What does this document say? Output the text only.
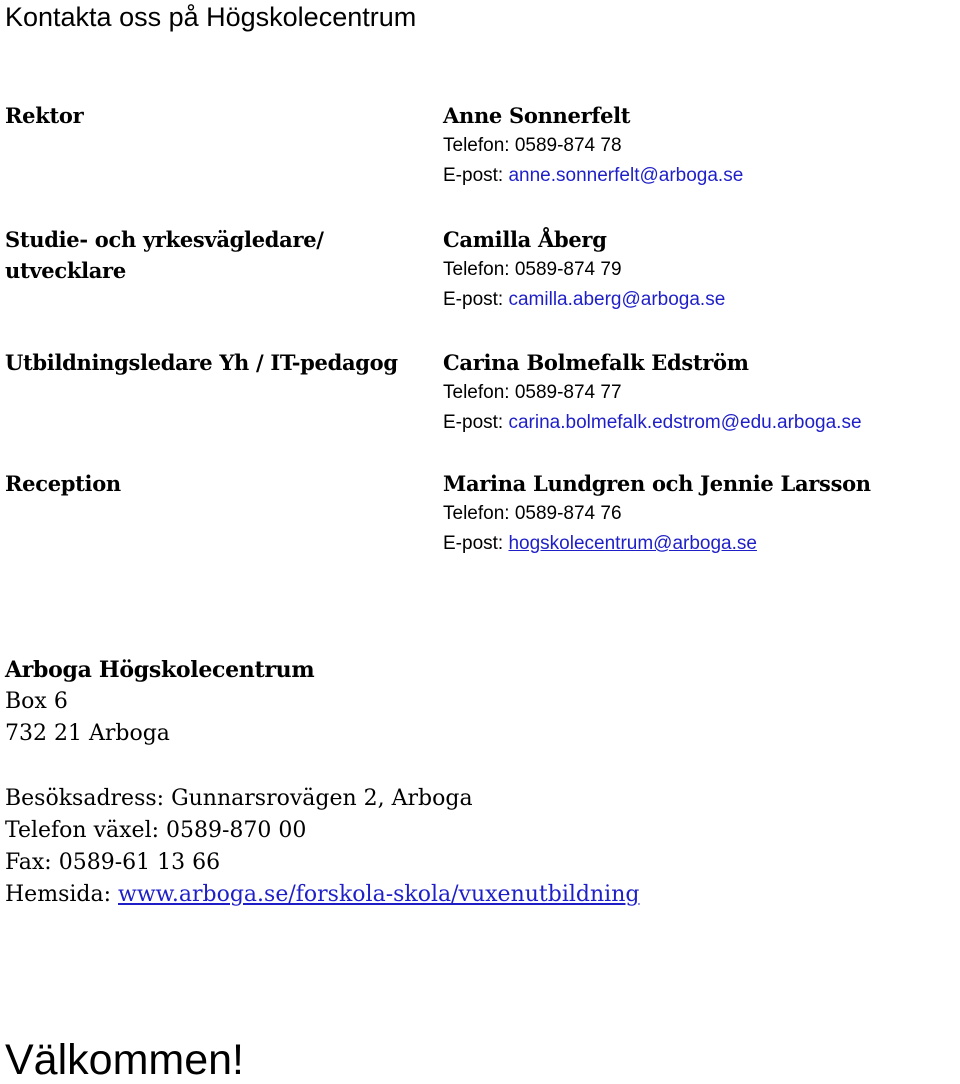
Kontakta oss på Högskolecentrum
Rektor	Anne Sonnerfelt
Telefon: 0589-874 78
E-post: anne.sonnerfelt@arboga.se
Studie- och yrkesvägledare/
utvecklare
Camilla Åberg
Telefon: 0589-874 79
E-post: camilla.aberg@arboga.se
Utbildningsledare Yh / IT-pedagog Carina Bolmefalk Edström
Telefon: 0589-874 77
E-post: carina.bolmefalk.edstrom@edu.arboga.se
Reception	Marina Lundgren och Jennie Larsson
Telefon: 0589-874 76
E-post: hogskolecentrum@arboga.se
Arboga Högskolecentrum
Box 6
732 21 Arboga
Besöksadress: Gunnarsrovägen 2, Arboga
Telefon växel: 0589-870 00
Fax: 0589-61 13 66
Hemsida: www.arboga.se/forskola-skola/vuxenutbildning
Välkommen!
